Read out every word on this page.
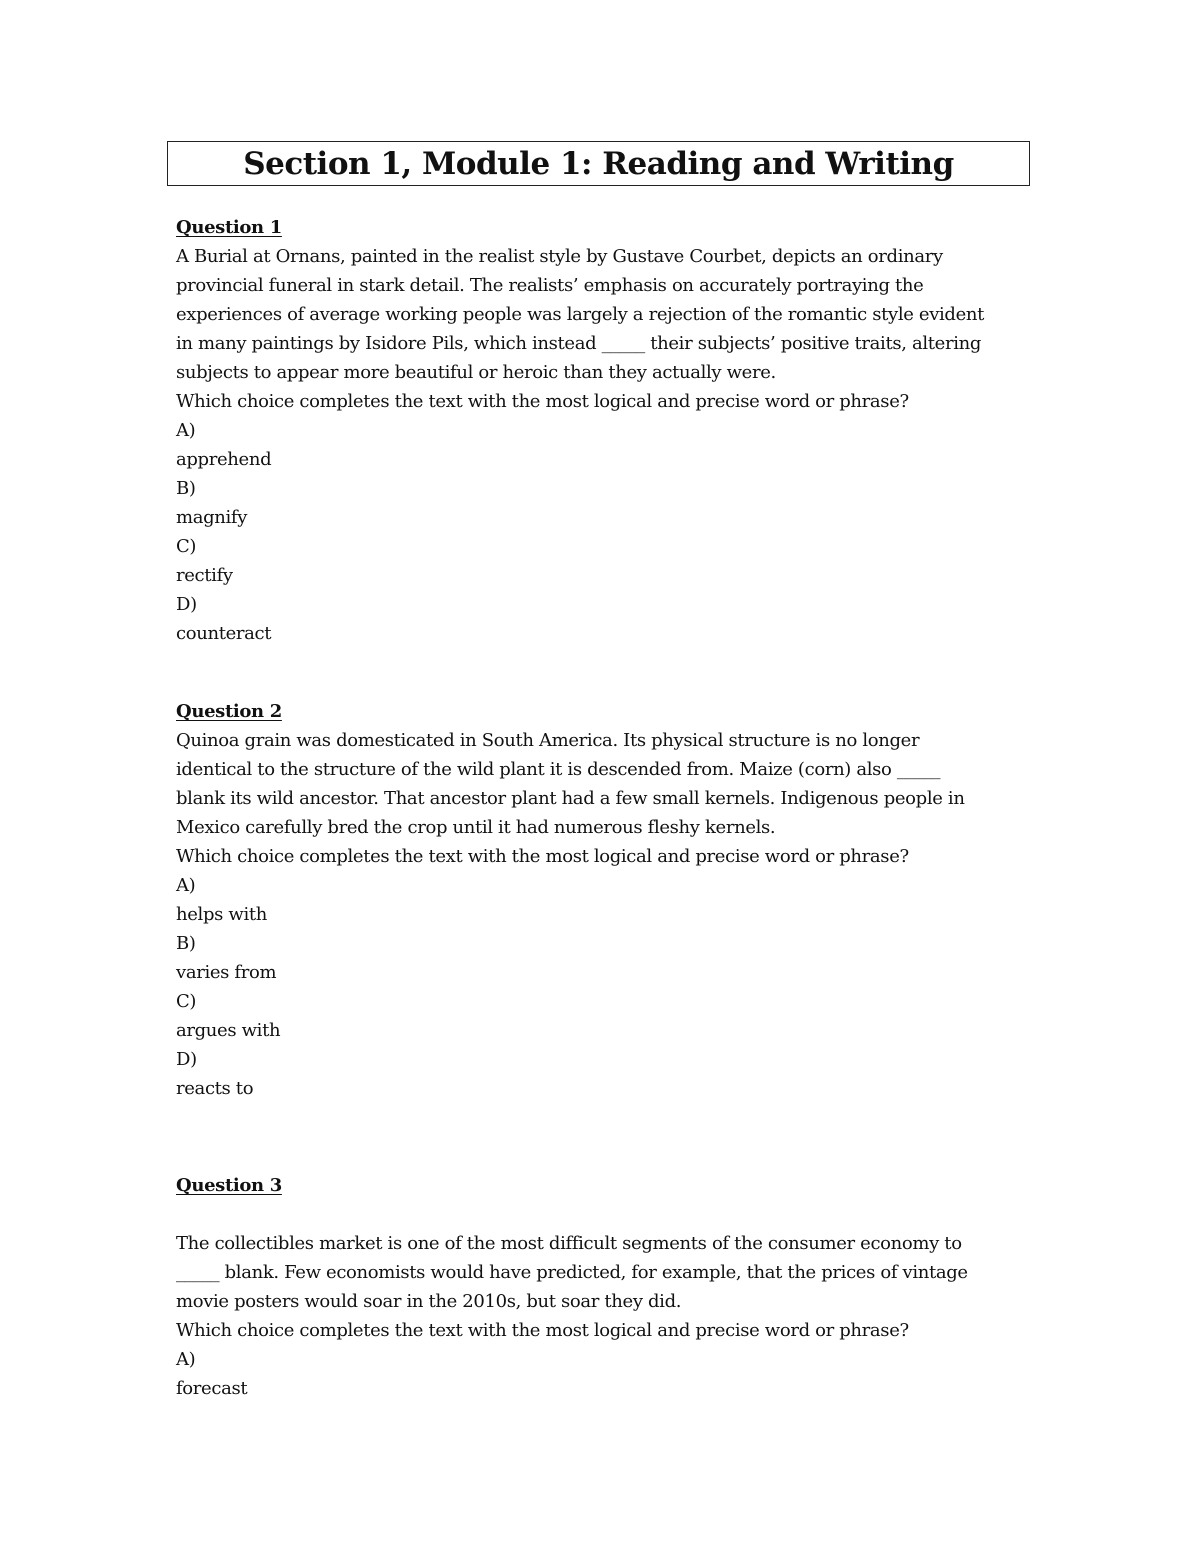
Section 1, Module 1: Reading and Writing
Question 1
A Burial at Ornans, painted in the realist style by Gustave Courbet, depicts an ordinary
provincial funeral in stark detail. The realists’ emphasis on accurately portraying the
experiences of average working people was largely a rejection of the romantic style evident
in many paintings by Isidore Pils, which instead _____ their subjects’ positive traits, altering
subjects to appear more beautiful or heroic than they actually were.
Which choice completes the text with the most logical and precise word or phrase?
A)
apprehend
B)
magnify
C)
rectify
D)
counteract
Question 2
Quinoa grain was domesticated in South America. Its physical structure is no longer
identical to the structure of the wild plant it is descended from. Maize (corn) also _____
blank its wild ancestor. That ancestor plant had a few small kernels. Indigenous people in
Mexico carefully bred the crop until it had numerous fleshy kernels.
Which choice completes the text with the most logical and precise word or phrase?
A)
helps with
B)
varies from
C)
argues with
D)
reacts to
Question 3
The collectibles market is one of the most difficult segments of the consumer economy to
_____ blank. Few economists would have predicted, for example, that the prices of vintage
movie posters would soar in the 2010s, but soar they did.
Which choice completes the text with the most logical and precise word or phrase?
A)
forecast
